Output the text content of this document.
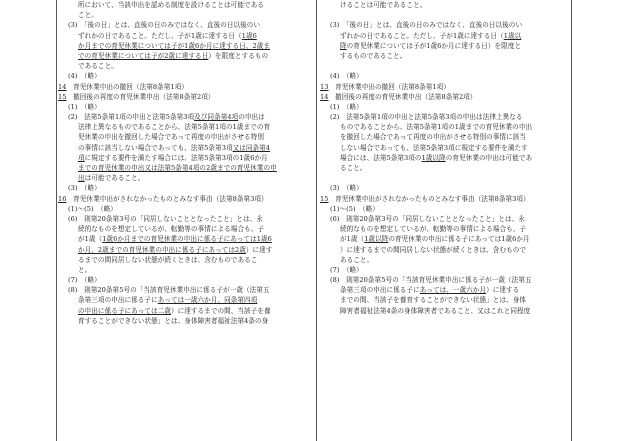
所において、当該申出を認める制度を設けることは可能である
こと。
(3)　「後の日」とは、直後の日のみではなく、直後の日以後のい
ずれかの日であること。ただし、子が1歳に達する日（1歳6
か月までの育児休業については子が1歳6か月に達する日、2歳ま
での育児休業については子が2歳に達する日）を限度とするもの
であること。
(4)　（略）
14　育児休業申出の撤回（法第8条第1項）
15　撤回後の再度の育児休業申出（法第8条第2項）
(1)　（略）
(2)　法第5条第1項の申出と法第5条第3項及び同条第4項の申出は
法律上異なるものであることから、法第5条第1項の1歳までの育
児休業の申出を撤回した場合であって再度の申出がさせる特別
の事情に該当しない場合であっても、法第5条第3項又は同条第4
項に規定する要件を満たす場合には、法第5条第3項の1歳6か月
までの育児休業の申出又は法第5条第4項の2歳までの育児休業の申
出は可能であること。
(3)　（略）
16　育児休業申出がされなかったものとみなす事由（法第8条第3項）
(1)～(5)　（略）
(6)　則第20条第3号の「同居しないこととなったこと」とは、永
続的なものを想定しているが、転勤等の事情による場合も、子
が1歳（1歳6か月までの育児休業の申出に係る子にあっては1歳6
か月、2歳までの育児休業の申出に係る子にあっては2歳）に達す
るまでの間同居しない状態が続くときは、含むものであるこ
と。
(7)　（略）
(8)　則第20条第5号の「当該育児休業申出に係る子が一歳（法第五
条第三項の申出に係る子にあっては一歳六か月、同条第四項
の申出に係る子にあっては二歳）に達するまでの間、当該子を養
育することができない状態」とは、身体障害者福祉法第4条の身
けることは可能であること。
(3)　「後の日」とは、直後の日のみではなく、直後の日以後のい
ずれかの日であること。ただし、子が1歳に達する日（1歳以
降の育児休業については子が1歳6か月に達する日）を限度と
するものであること。
(4)　（略）
13　育児休業申出の撤回（法第8条第1項）
14　撤回後の再度の育児休業申出（法第8条第2項）
(1)　（略）
(2)　法第5条第1項の申出と法第5条第3項の申出は法律上異なる
ものであることから、法第5条第1項の1歳までの育児休業の申出
を撤回した場合であって再度の申出がさせる特別の事情に該当
しない場合であっても、法第5条第3項に規定する要件を満たす
場合には、法第5条第3項の1歳以降の育児休業の申出は可能であ
ること。
(3)　（略）
15　育児休業申出がされなかったものとみなす事由（法第8条第3項）
(1)～(5)　（略）
(6)　則第20条第3号の「同居しないこととなったこと」とは、永
続的なものを想定しているが、転勤等の事情による場合も、子
が1歳（1歳以降の育児休業の申出に係る子にあっては1歳6か月
）に達するまでの間同居しない状態が続くときは、含むもので
あること。
(7)　（略）
(8)　則第20条第5号の「当該育児休業申出に係る子が一歳（法第五
条第三項の申出に係る子にあっては、一歳六か月）に達する
までの間、当該子を養育することができない状態」とは、身体
障害者福祉法第4条の身体障害者であること、又はこれと同程度
